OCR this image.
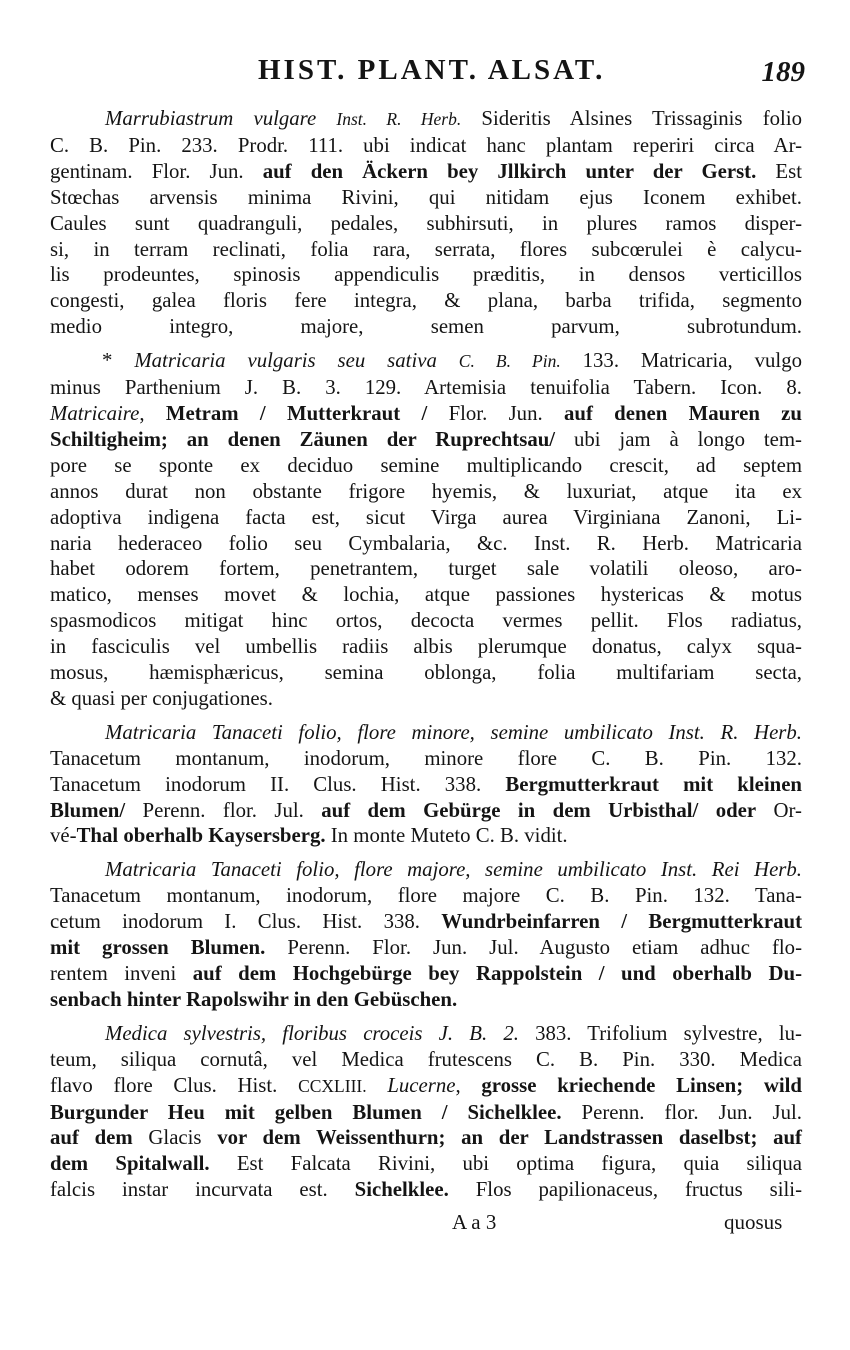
HIST. PLANT. ALSAT.	189
Marrubiastrum vulgare Inst. R. Herb. Sideritis Alsines Trissaginis folio
C. B. Pin. 233. Prodr. 111. ubi indicat hanc plantam reperiri circa Ar-
gentinam. Flor. Jun. auf den Äckern bey Jllkirch unter der Gerst. Est
Stœchas arvensis minima Rivini, qui nitidam ejus Iconem exhibet.
Caules sunt quadranguli, pedales, subhirsuti, in plures ramos disper-
si, in terram reclinati, folia rara, serrata, flores subcœrulei è calycu-
lis prodeuntes, spinosis appendiculis præditis, in densos verticillos
congesti, galea floris fere integra, & plana, barba trifida, segmento
medio integro, majore, semen parvum, subrotundum.
* Matricaria vulgaris seu sativa C. B. Pin. 133. Matricaria, vulgo
minus Parthenium J. B. 3. 129. Artemisia tenuifolia Tabern. Icon. 8.
Matricaire, Metram / Mutterkraut / Flor. Jun. auf denen Mauren zu
Schiltigheim; an denen Zäunen der Ruprechtsau/ ubi jam à longo tem-
pore se sponte ex deciduo semine multiplicando crescit, ad septem
annos durat non obstante frigore hyemis, & luxuriat, atque ita ex
adoptiva indigena facta est, sicut Virga aurea Virginiana Zanoni, Li-
naria hederaceo folio seu Cymbalaria, &c. Inst. R. Herb. Matricaria
habet odorem fortem, penetrantem, turget sale volatili oleoso, aro-
matico, menses movet & lochia, atque passiones hystericas & motus
spasmodicos mitigat hinc ortos, decocta vermes pellit. Flos radiatus,
in fasciculis vel umbellis radiis albis plerumque donatus, calyx squa-
mosus, hæmisphæricus, semina oblonga, folia multifariam secta,
& quasi per conjugationes.
Matricaria Tanaceti folio, flore minore, semine umbilicato Inst. R. Herb.
Tanacetum montanum, inodorum, minore flore C. B. Pin. 132.
Tanacetum inodorum II. Clus. Hist. 338. Bergmutterkraut mit kleinen
Blumen/ Perenn. flor. Jul. auf dem Gebürge in dem Urbisthal/ oder Or-
vé-Thal oberhalb Kaysersberg. In monte Muteto C. B. vidit.
Matricaria Tanaceti folio, flore majore, semine umbilicato Inst. Rei Herb.
Tanacetum montanum, inodorum, flore majore C. B. Pin. 132. Tana-
cetum inodorum I. Clus. Hist. 338. Wundrbeinfarren / Bergmutterkraut
mit grossen Blumen. Perenn. Flor. Jun. Jul. Augusto etiam adhuc flo-
rentem inveni auf dem Hochgebürge bey Rappolstein / und oberhalb Du-
senbach hinter Rapolswihr in den Gebüschen.
Medica sylvestris, floribus croceis J. B. 2. 383. Trifolium sylvestre, lu-
teum, siliqua cornutâ, vel Medica frutescens C. B. Pin. 330. Medica
flavo flore Clus. Hist. CCXLIII. Lucerne, grosse kriechende Linsen; wild
Burgunder Heu mit gelben Blumen / Sichelklee. Perenn. flor. Jun. Jul.
auf dem Glacis vor dem Weissenthurn; an der Landstrassen daselbst; auf
dem Spitalwall. Est Falcata Rivini, ubi optima figura, quia siliqua
falcis instar incurvata est. Sichelklee. Flos papilionaceus, fructus sili-
A a 3	quosus
